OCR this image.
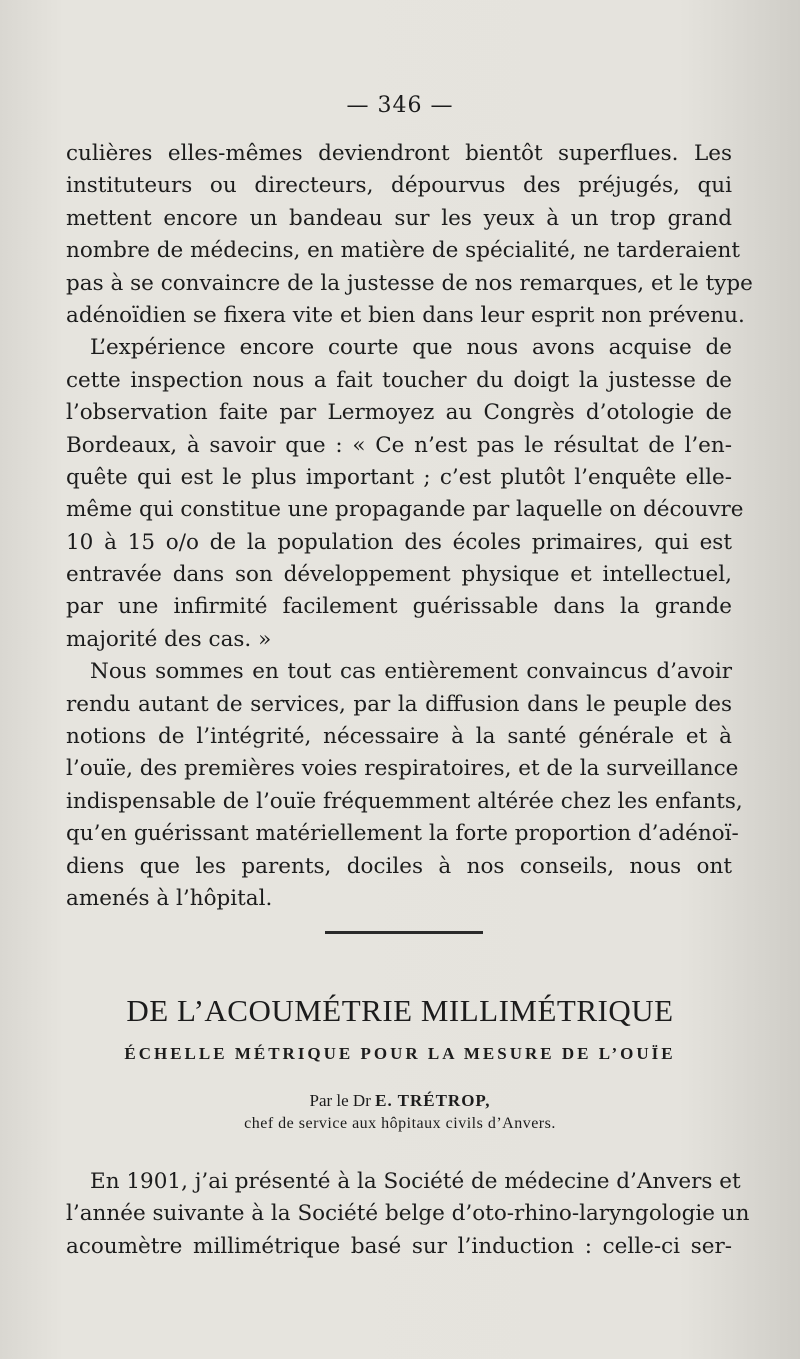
— 346 —
culières elles-mêmes deviendront bientôt superflues. Les
instituteurs ou directeurs, dépourvus des préjugés, qui
mettent encore un bandeau sur les yeux à un trop grand
nombre de médecins, en matière de spécialité, ne tarderaient
pas à se convaincre de la justesse de nos remarques, et le type
adénoïdien se fixera vite et bien dans leur esprit non prévenu.
L’expérience encore courte que nous avons acquise de
cette inspection nous a fait toucher du doigt la justesse de
l’observation faite par Lermoyez au Congrès d’otologie de
Bordeaux, à savoir que : « Ce n’est pas le résultat de l’en-
quête qui est le plus important ; c’est plutôt l’enquête elle-
même qui constitue une propagande par laquelle on découvre
10 à 15 o/o de la population des écoles primaires, qui est
entravée dans son développement physique et intellectuel,
par une infirmité facilement guérissable dans la grande
majorité des cas. »
Nous sommes en tout cas entièrement convaincus d’avoir
rendu autant de services, par la diffusion dans le peuple des
notions de l’intégrité, nécessaire à la santé générale et à
l’ouïe, des premières voies respiratoires, et de la surveillance
indispensable de l’ouïe fréquemment altérée chez les enfants,
qu’en guérissant matériellement la forte proportion d’adénoï-
diens que les parents, dociles à nos conseils, nous ont
amenés à l’hôpital.
DE L’ACOUMÉTRIE MILLIMÉTRIQUE
ÉCHELLE MÉTRIQUE POUR LA MESURE DE L’OUÏE
Par le Dr E. TRÉTROP,
chef de service aux hôpitaux civils d’Anvers.
En 1901, j’ai présenté à la Société de médecine d’Anvers et
l’année suivante à la Société belge d’oto-rhino-laryngologie un
acoumètre millimétrique basé sur l’induction : celle-ci ser-
